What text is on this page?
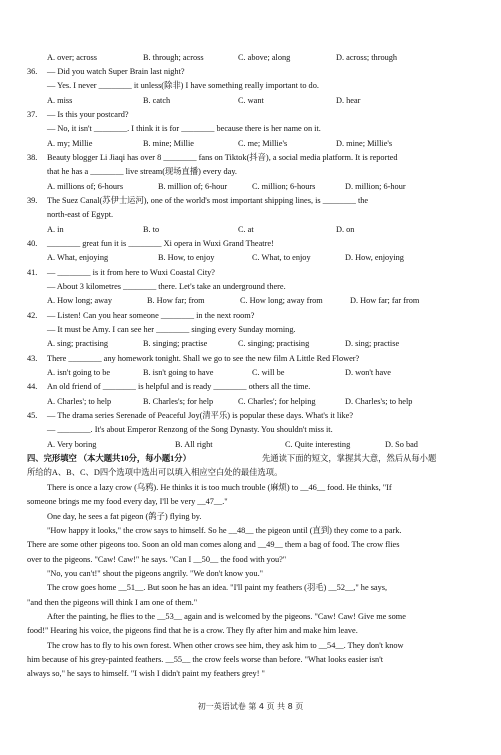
A. over; across	B. through; across	C. above; along	D. across; through
36. — Did you watch Super Brain last night?
— Yes. I never ________ it unless(除非) I have something really important to do.
A. miss	B. catch	C. want	D. hear
37. — Is this your postcard?
— No, it isn't ________. I think it is for ________ because there is her name on it.
A. my; Millie	B. mine; Millie	C. me; Millie's	D. mine; Millie's
38. Beauty blogger Li Jiaqi has over 8 ________ fans on Tiktok(抖音), a social media platform. It is reported
that he has a ________ live stream(现场直播) every day.
A. millions of; 6-hours	B. million of; 6-hour	C. million; 6-hours	D. million; 6-hour
39. The Suez Canal(苏伊士运河), one of the world's most important shipping lines, is ________ the
north-east of Egypt.
A. in	B. to	C. at	D. on
40. ________ great fun it is ________ Xi opera in Wuxi Grand Theatre!
A. What, enjoying	B. How, to enjoy	C. What, to enjoy	D. How, enjoying
41. — ________ is it from here to Wuxi Coastal City?
— About 3 kilometres ________ there. Let's take an underground there.
A. How long; away	B. How far; from	C. How long; away from	D. How far; far from
42. — Listen! Can you hear someone ________ in the next room?
— It must be Amy. I can see her ________ singing every Sunday morning.
A. sing; practising	B. singing; practise	C. singing; practising	D. sing; practise
43. There ________ any homework tonight. Shall we go to see the new film A Little Red Flower?
A. isn't going to be	B. isn't going to have	C. will be	D. won't have
44. An old friend of ________ is helpful and is ready ________ others all the time.
A. Charles'; to help	B. Charles's; for help	C. Charles'; for helping	D. Charles's; to help
45. — The drama series Serenade of Peaceful Joy(清平乐) is popular these days. What's it like?
— ________. It's about Emperor Renzong of the Song Dynasty. You shouldn't miss it.
A. Very boring	B. All right	C. Quite interesting	D. So bad
四、完形填空 （本大题共10分，每小题1分）	先通读下面的短文，掌握其大意，然后从每小题
所给的A、B、C、D四个选项中选出可以填入相应空白处的最佳选项。
There is once a lazy crow (乌鸦). He thinks it is too much trouble (麻烦) to __46__ food. He thinks, "If
someone brings me my food every day, I'll be very __47__."
One day, he sees a fat pigeon (鸽子) flying by.
"How happy it looks," the crow says to himself. So he __48__ the pigeon until (直到) they come to a park.
There are some other pigeons too. Soon an old man comes along and __49__ them a bag of food. The crow flies
over to the pigeons. "Caw! Caw!" he says. "Can I __50__ the food with you?"
"No, you can't!" shout the pigeons angrily. "We don't know you."
The crow goes home __51__. But soon he has an idea. "I'll paint my feathers (羽毛) __52__," he says,
"and then the pigeons will think I am one of them."
After the painting, he flies to the __53__ again and is welcomed by the pigeons. "Caw! Caw! Give me some
food!" Hearing his voice, the pigeons find that he is a crow. They fly after him and make him leave.
The crow has to fly to his own forest. When other crows see him, they ask him to __54__. They don't know
him because of his grey-painted feathers. __55__ the crow feels worse than before. "What looks easier isn't
always so," he says to himself. "I wish I didn't paint my feathers grey! "
初一英语试卷 第 4 页 共 8 页
